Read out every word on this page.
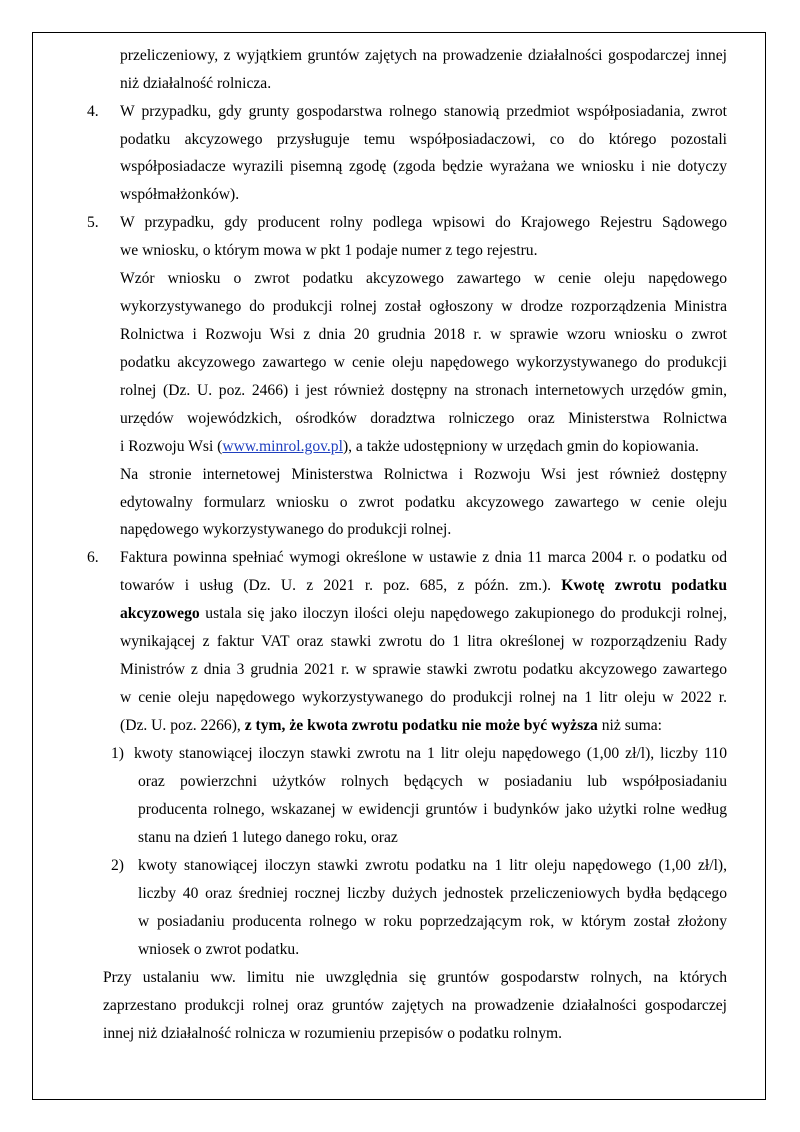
przeliczeniowy, z wyjątkiem gruntów zajętych na prowadzenie działalności gospodarczej innej
niż działalność rolnicza.
4. W przypadku, gdy grunty gospodarstwa rolnego stanowią przedmiot współposiadania, zwrot
podatku akcyzowego przysługuje temu współposiadaczowi, co do którego pozostali
współposiadacze wyrazili pisemną zgodę (zgoda będzie wyrażana we wniosku i nie dotyczy
współmałżonków).
5. W przypadku, gdy producent rolny podlega wpisowi do Krajowego Rejestru Sądowego
we wniosku, o którym mowa w pkt 1 podaje numer z tego rejestru.
Wzór wniosku o zwrot podatku akcyzowego zawartego w cenie oleju napędowego
wykorzystywanego do produkcji rolnej został ogłoszony w drodze rozporządzenia Ministra
Rolnictwa i Rozwoju Wsi z dnia 20 grudnia 2018 r. w sprawie wzoru wniosku o zwrot
podatku akcyzowego zawartego w cenie oleju napędowego wykorzystywanego do produkcji
rolnej (Dz. U. poz. 2466) i jest również dostępny na stronach internetowych urzędów gmin,
urzędów wojewódzkich, ośrodków doradztwa rolniczego oraz Ministerstwa Rolnictwa
i Rozwoju Wsi (www.minrol.gov.pl), a także udostępniony w urzędach gmin do kopiowania.
Na stronie internetowej Ministerstwa Rolnictwa i Rozwoju Wsi jest również dostępny
edytowalny formularz wniosku o zwrot podatku akcyzowego zawartego w cenie oleju
napędowego wykorzystywanego do produkcji rolnej.
6. Faktura powinna spełniać wymogi określone w ustawie z dnia 11 marca 2004 r. o podatku od
towarów i usług (Dz. U. z 2021 r. poz. 685, z późn. zm.). Kwotę zwrotu podatku
akcyzowego ustala się jako iloczyn ilości oleju napędowego zakupionego do produkcji rolnej,
wynikającej z faktur VAT oraz stawki zwrotu do 1 litra określonej w rozporządzeniu Rady
Ministrów z dnia 3 grudnia 2021 r. w sprawie stawki zwrotu podatku akcyzowego zawartego
w cenie oleju napędowego wykorzystywanego do produkcji rolnej na 1 litr oleju w 2022 r.
(Dz. U. poz. 2266), z tym, że kwota zwrotu podatku nie może być wyższa niż suma:
1) kwoty stanowiącej iloczyn stawki zwrotu na 1 litr oleju napędowego (1,00 zł/l), liczby 110
oraz powierzchni użytków rolnych będących w posiadaniu lub współposiadaniu
producenta rolnego, wskazanej w ewidencji gruntów i budynków jako użytki rolne według
stanu na dzień 1 lutego danego roku, oraz
2) kwoty stanowiącej iloczyn stawki zwrotu podatku na 1 litr oleju napędowego (1,00 zł/l),
liczby 40 oraz średniej rocznej liczby dużych jednostek przeliczeniowych bydła będącego
w posiadaniu producenta rolnego w roku poprzedzającym rok, w którym został złożony
wniosek o zwrot podatku.
Przy ustalaniu ww. limitu nie uwzględnia się gruntów gospodarstw rolnych, na których
zaprzestano produkcji rolnej oraz gruntów zajętych na prowadzenie działalności gospodarczej
innej niż działalność rolnicza w rozumieniu przepisów o podatku rolnym.
